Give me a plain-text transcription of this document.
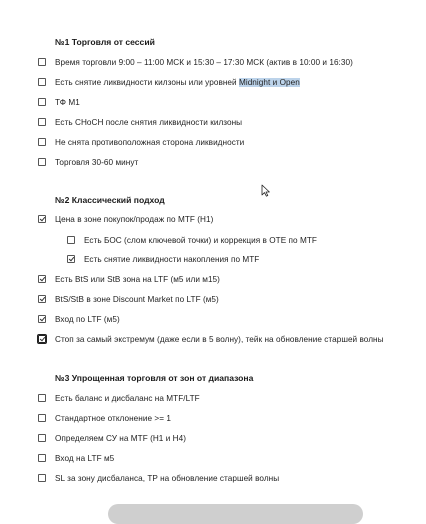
№1 Торговля от сессий
Время торговли 9:00 – 11:00 МСК и 15:30 – 17:30 МСК (актив в 10:00 и 16:30)
Есть снятие ликвидности килзоны или уровней Midnight и Open
ТФ М1
Есть CHoCH после снятия ликвидности килзоны
Не снята противоположная сторона ликвидности
Торговля 30-60 минут
№2 Классический подход
Цена в зоне покупок/продаж по MTF (H1)
Есть БОС (слом ключевой точки) и коррекция в OTE по MTF
Есть снятие ликвидности накопления по MTF
Есть BtS или StB зона на LTF (м5 или м15)
BtS/StB в зоне Discount Market по LTF (м5)
Вход по LTF (м5)
Стоп за самый экстремум (даже если в 5 волну), тейк на обновление старшей волны
№3 Упрощенная торговля от зон от диапазона
Есть баланс и дисбаланс на MTF/LTF
Стандартное отклонение >= 1
Определяем СУ на MTF (H1 и H4)
Вход на LTF м5
SL за зону дисбаланса, TP на обновление старшей волны
